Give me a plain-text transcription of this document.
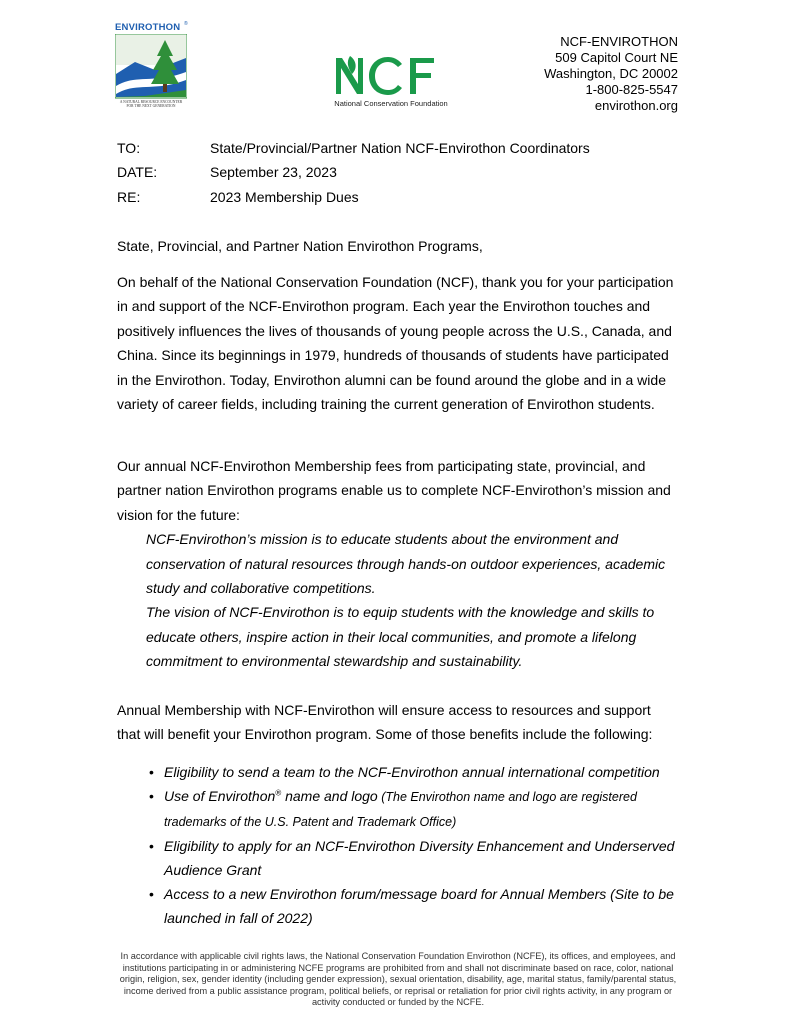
ENVIROTHON ®
A NATURAL RESOURCE ENCOUNTER FOR THE NEXT GENERATION	National Conservation Foundation
NCF-ENVIROTHON
509 Capitol Court NE
Washington, DC 20002
1-800-825-5547
envirothon.org
TO:	State/Provincial/Partner Nation NCF-Envirothon Coordinators
DATE:	September 23, 2023
RE:	2023 Membership Dues
State, Provincial, and Partner Nation Envirothon Programs,
On behalf of the National Conservation Foundation (NCF), thank you for your participation in and support of the NCF-Envirothon program. Each year the Envirothon touches and positively influences the lives of thousands of young people across the U.S., Canada, and China. Since its beginnings in 1979, hundreds of thousands of students have participated in the Envirothon. Today, Envirothon alumni can be found around the globe and in a wide variety of career fields, including training the current generation of Envirothon students.
Our annual NCF-Envirothon Membership fees from participating state, provincial, and partner nation Envirothon programs enable us to complete NCF-Envirothon’s mission and vision for the future:
NCF-Envirothon’s mission is to educate students about the environment and conservation of natural resources through hands-on outdoor experiences, academic study and collaborative competitions.
The vision of NCF-Envirothon is to equip students with the knowledge and skills to educate others, inspire action in their local communities, and promote a lifelong commitment to environmental stewardship and sustainability.
Annual Membership with NCF-Envirothon will ensure access to resources and support that will benefit your Envirothon program. Some of those benefits include the following:
• Eligibility to send a team to the NCF-Envirothon annual international competition
• Use of Envirothon® name and logo (The Envirothon name and logo are registered trademarks of the U.S. Patent and Trademark Office)
• Eligibility to apply for an NCF-Envirothon Diversity Enhancement and Underserved Audience Grant
• Access to a new Envirothon forum/message board for Annual Members (Site to be launched in fall of 2022)
In accordance with applicable civil rights laws, the National Conservation Foundation Envirothon (NCFE), its offices, and employees, and institutions participating in or administering NCFE programs are prohibited from and shall not discriminate based on race, color, national origin, religion, sex, gender identity (including gender expression), sexual orientation, disability, age, marital status, family/parental status, income derived from a public assistance program, political beliefs, or reprisal or retaliation for prior civil rights activity, in any program or activity conducted or funded by the NCFE.
